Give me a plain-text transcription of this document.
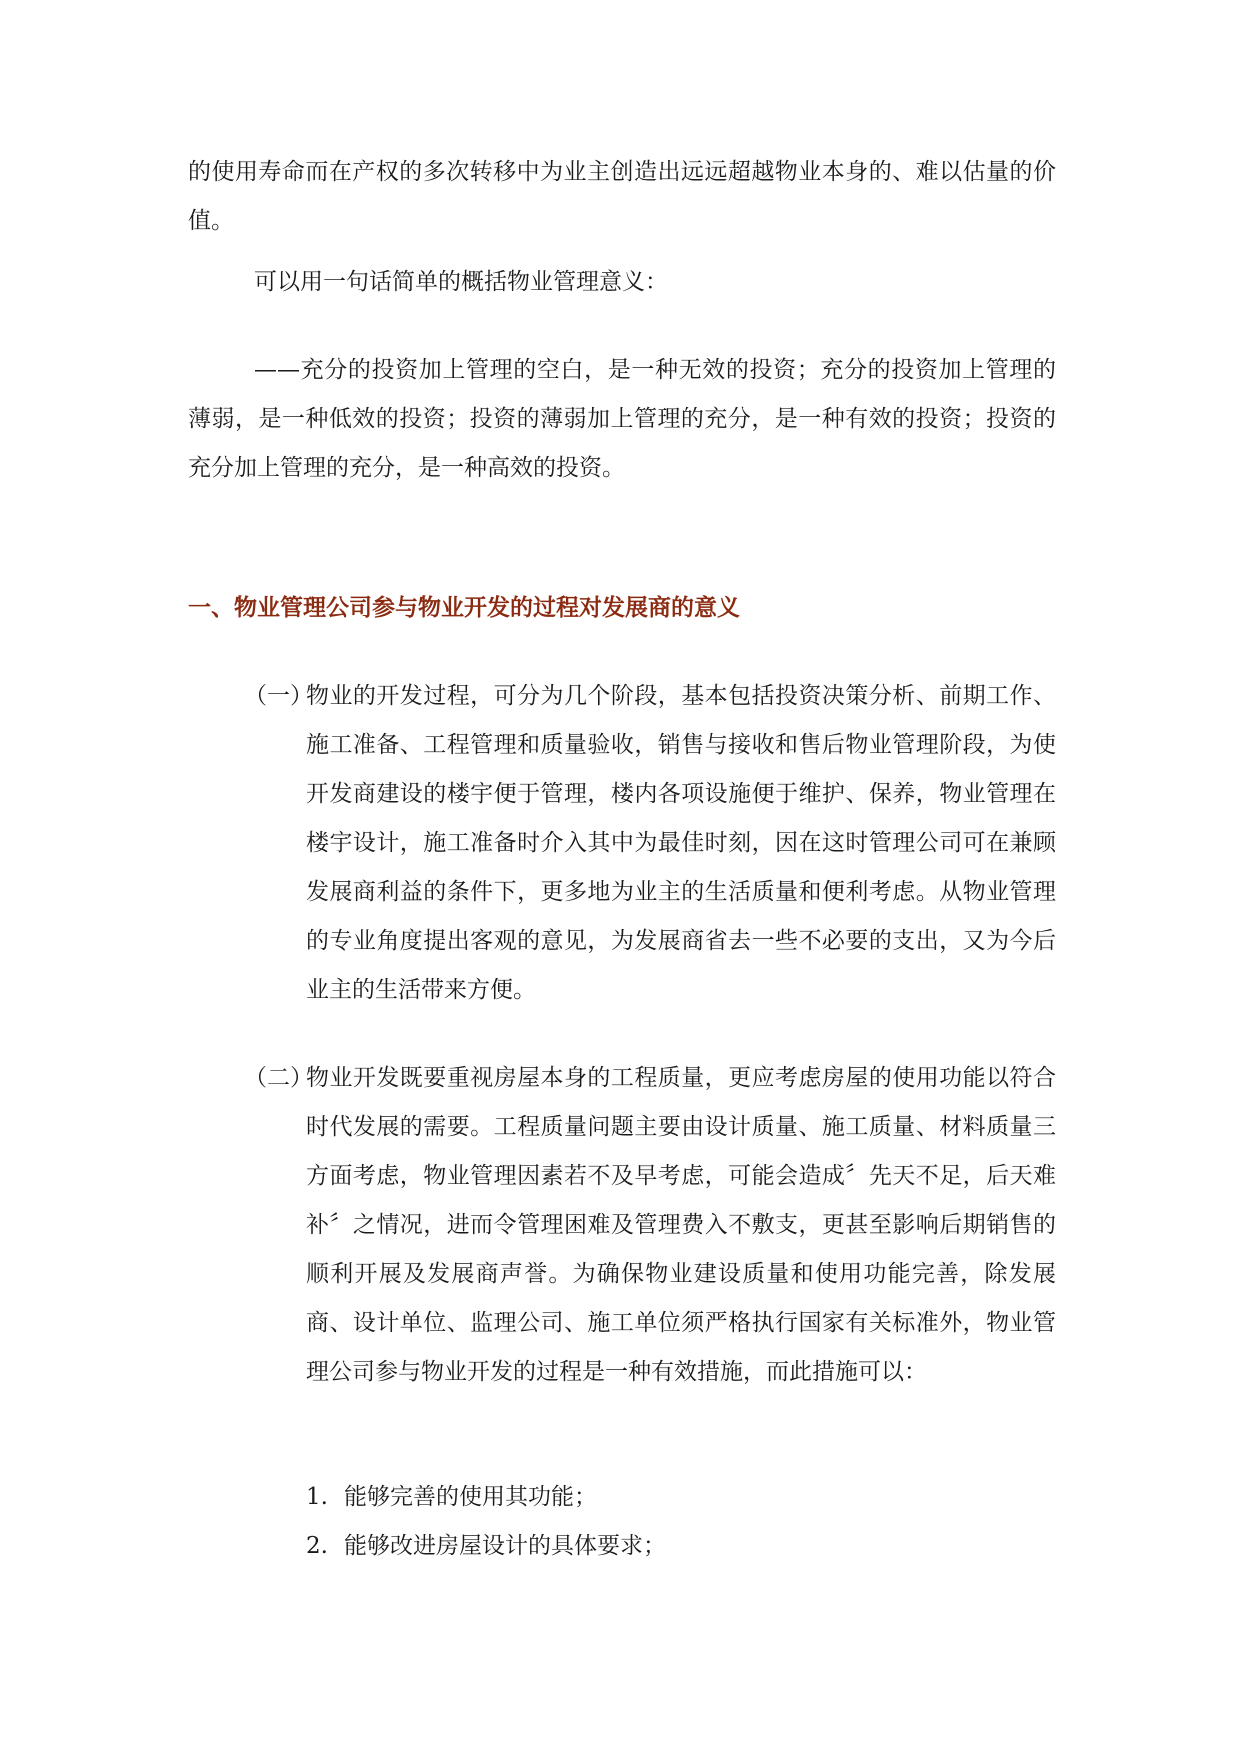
的使用寿命而在产权的多次转移中为业主创造出远远超越物业本身的、难以估量的价值。

可以用一句话简单的概括物业管理意义：

——充分的投资加上管理的空白，是一种无效的投资；充分的投资加上管理的薄弱，是一种低效的投资；投资的薄弱加上管理的充分，是一种有效的投资；投资的充分加上管理的充分，是一种高效的投资。

一、物业管理公司参与物业开发的过程对发展商的意义
（一）
物业的开发过程，可分为几个阶段，基本包括投资决策分析、前期工作、施工准备、工程管理和质量验收，销售与接收和售后物业管理阶段，为使开发商建设的楼宇便于管理，楼内各项设施便于维护、保养，物业管理在楼宇设计，施工准备时介入其中为最佳时刻，因在这时管理公司可在兼顾发展商利益的条件下，更多地为业主的生活质量和便利考虑。从物业管理的专业角度提出客观的意见，为发展商省去一些不必要的支出，又为今后业主的生活带来方便。
（二）
物业开发既要重视房屋本身的工程质量，更应考虑房屋的使用功能以符合时代发展的需要。工程质量问题主要由设计质量、施工质量、材料质量三方面考虑，物业管理因素若不及早考虑，可能会造成〞先天不足，后天难补〞之情况，进而令管理困难及管理费入不敷支，更甚至影响后期销售的顺利开展及发展商声誉。为确保物业建设质量和使用功能完善，除发展商、设计单位、监理公司、施工单位须严格执行国家有关标准外，物业管理公司参与物业开发的过程是一种有效措施，而此措施可以：

1. 能够完善的使用其功能；

2. 能够改进房屋设计的具体要求；
